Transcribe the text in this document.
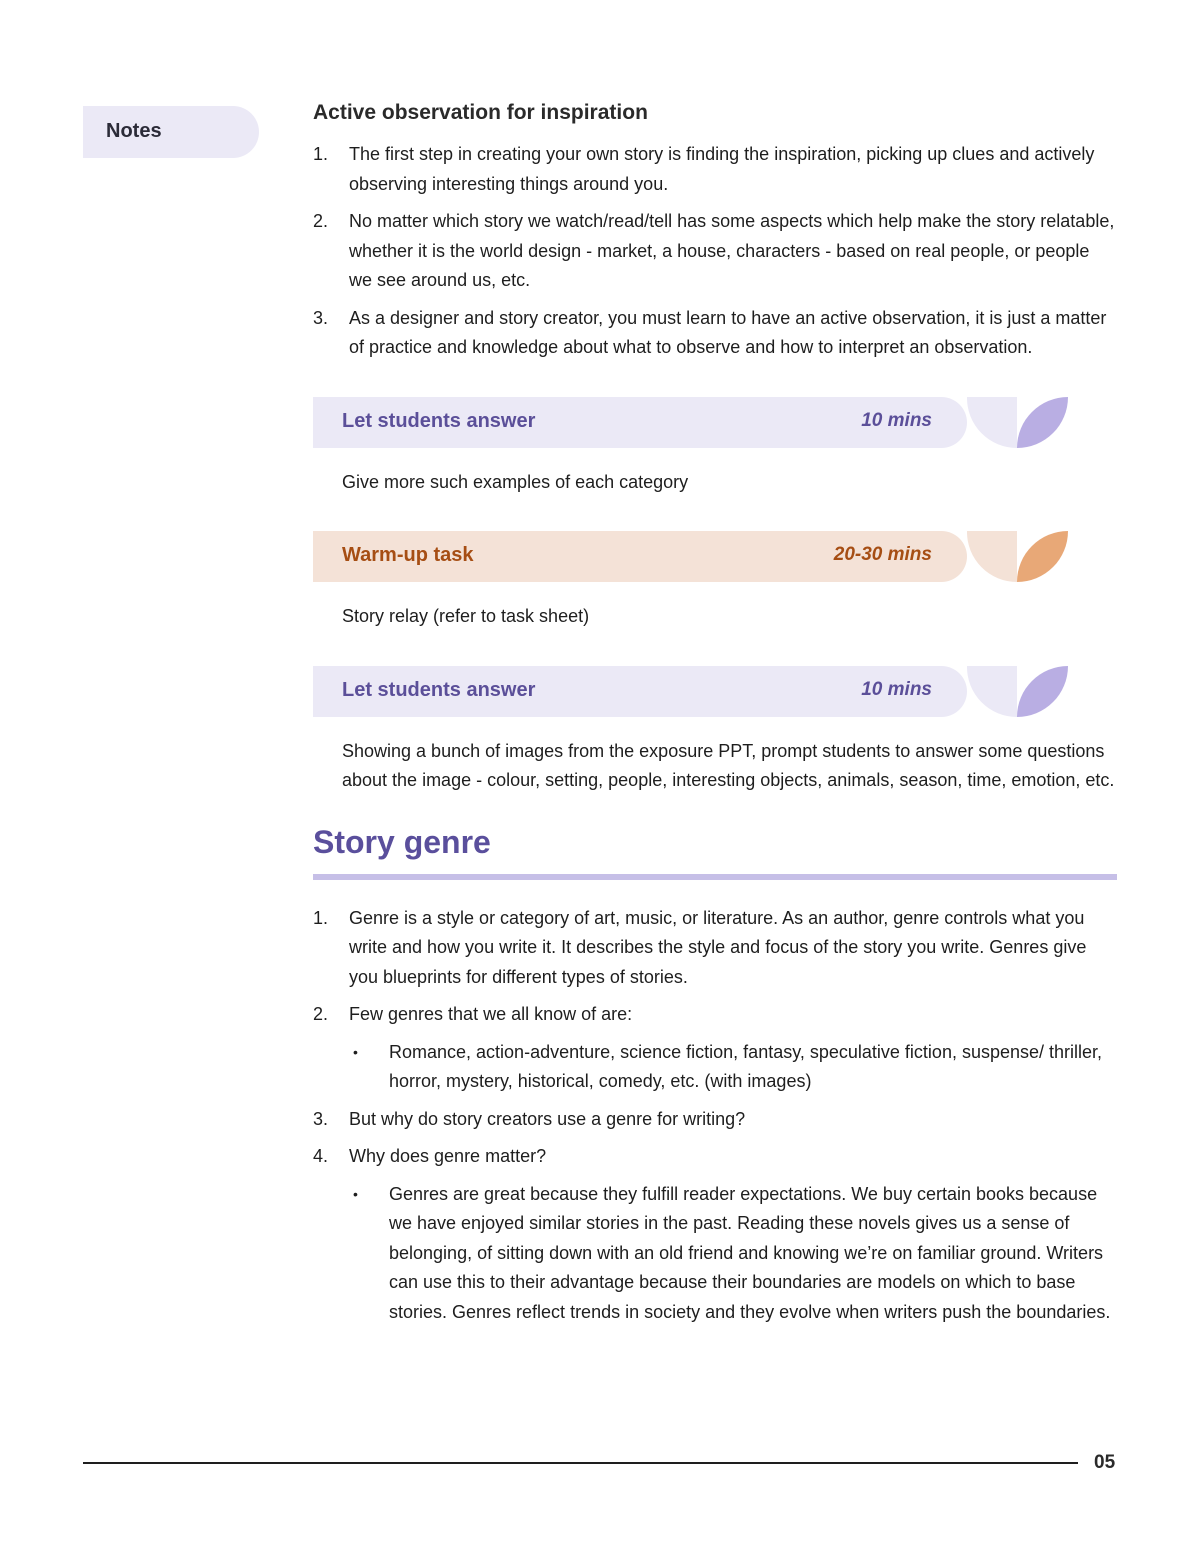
Notes
Active observation for inspiration
1. The first step in creating your own story is finding the inspiration, picking up clues and actively observing interesting things around you.
2. No matter which story we watch/read/tell has some aspects which help make the story relatable, whether it is the world design - market, a house, characters - based on real people, or people we see around us, etc.
3. As a designer and story creator, you must learn to have an active observation, it is just a matter of practice and knowledge about what to observe and how to interpret an observation.
Let students answer	10 mins
Give more such examples of each category
Warm-up task	20-30 mins
Story relay (refer to task sheet)
Let students answer	10 mins
Showing a bunch of images from the exposure PPT, prompt students to answer some questions about the image - colour, setting, people, interesting objects, animals, season, time, emotion, etc.
Story genre
1. Genre is a style or category of art, music, or literature. As an author, genre controls what you write and how you write it. It describes the style and focus of the story you write. Genres give you blueprints for different types of stories.
2. Few genres that we all know of are:
• Romance, action-adventure, science fiction, fantasy, speculative fiction, suspense/ thriller, horror, mystery, historical, comedy, etc. (with images)
3. But why do story creators use a genre for writing?
4. Why does genre matter?
• Genres are great because they fulfill reader expectations. We buy certain books because we have enjoyed similar stories in the past. Reading these novels gives us a sense of belonging, of sitting down with an old friend and knowing we’re on familiar ground. Writers can use this to their advantage because their boundaries are models on which to base stories. Genres reflect trends in society and they evolve when writers push the boundaries.
05
